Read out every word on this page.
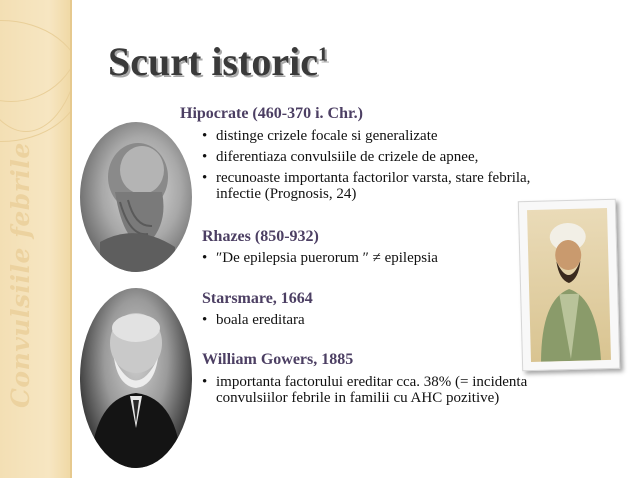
Convulsiile febrile
Scurt istoric$^1$
Hipocrate (460-370 i. Chr.)
• distinge crizele focale si generalizate
• diferentiaza convulsiile de crizele de apnee,
• recunoaste importanta factorilor varsta, stare febrila,
infectie (Prognosis, 24)
Rhazes (850-932)
• ″De epilepsia puerorum ″ ≠ epilepsia
Starsmare, 1664
• boala ereditara
William Gowers, 1885
• importanta factorului ereditar cca. 38% (= incidenta
convulsiilor febrile in familii cu AHC pozitive)
